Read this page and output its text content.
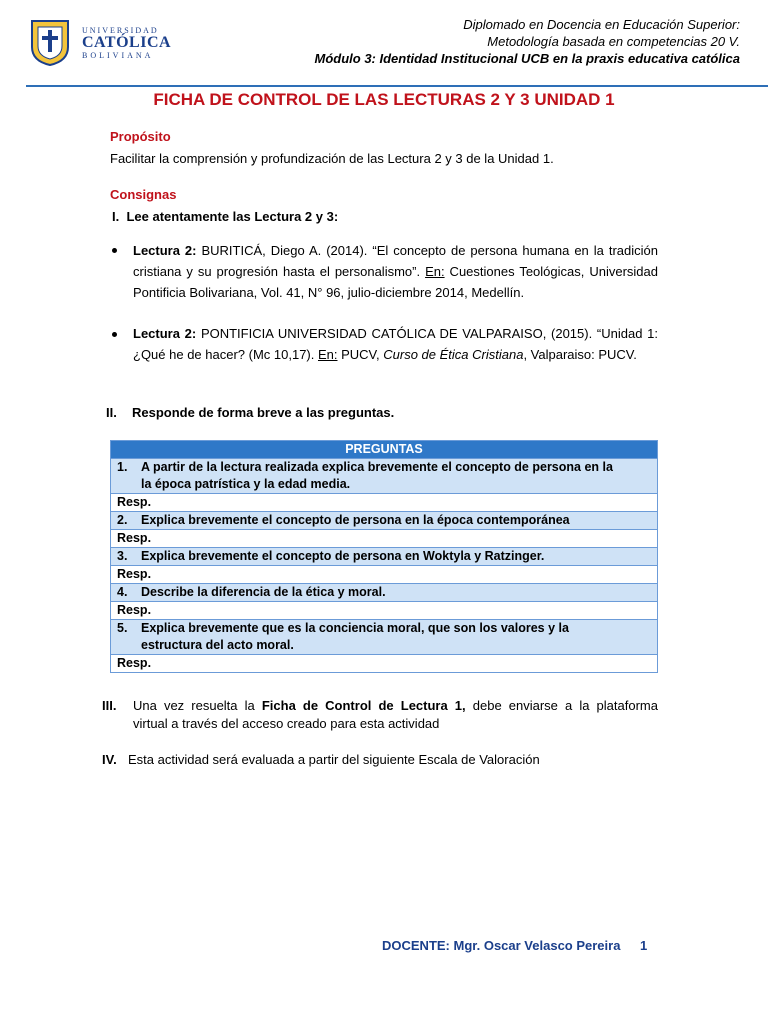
UNIVERSIDAD
CATÓLICA
BOLIVIANA
Diplomado en Docencia en Educación Superior:
Metodología basada en competencias 20 V.
Módulo 3: Identidad Institucional UCB en la praxis educativa católica
FICHA DE CONTROL DE LAS LECTURAS 2 Y 3 UNIDAD 1
Propósito
Facilitar la comprensión y profundización de las Lectura 2 y 3 de la Unidad 1.
Consignas
I. Lee atentamente las Lectura 2 y 3:
Lectura 2: BURITICÁ, Diego A. (2014). “El concepto de persona humana en la tradición cristiana y su progresión hasta el personalismo”. En: Cuestiones Teológicas, Universidad Pontificia Bolivariana, Vol. 41, N° 96, julio-diciembre 2014, Medellín.
Lectura 2: PONTIFICIA UNIVERSIDAD CATÓLICA DE VALPARAISO, (2015). “Unidad 1: ¿Qué he de hacer? (Mc 10,17). En: PUCV, Curso de Ética Cristiana, Valparaiso: PUCV.
II. Responde de forma breve a las preguntas.
PREGUNTAS
1. A partir de la lectura realizada explica brevemente el concepto de persona en la
la época patrística y la edad media.
Resp.
2. Explica brevemente el concepto de persona en la época contemporánea
Resp.
3. Explica brevemente el concepto de persona en Woktyla y Ratzinger.
Resp.
4. Describe la diferencia de la ética y moral.
Resp.
5. Explica brevemente que es la conciencia moral, que son los valores y la
estructura del acto moral.
Resp.
III. Una vez resuelta la Ficha de Control de Lectura 1, debe enviarse a la plataforma
virtual a través del acceso creado para esta actividad
IV. Esta actividad será evaluada a partir del siguiente Escala de Valoración
DOCENTE: Mgr. Oscar Velasco Pereira 1
